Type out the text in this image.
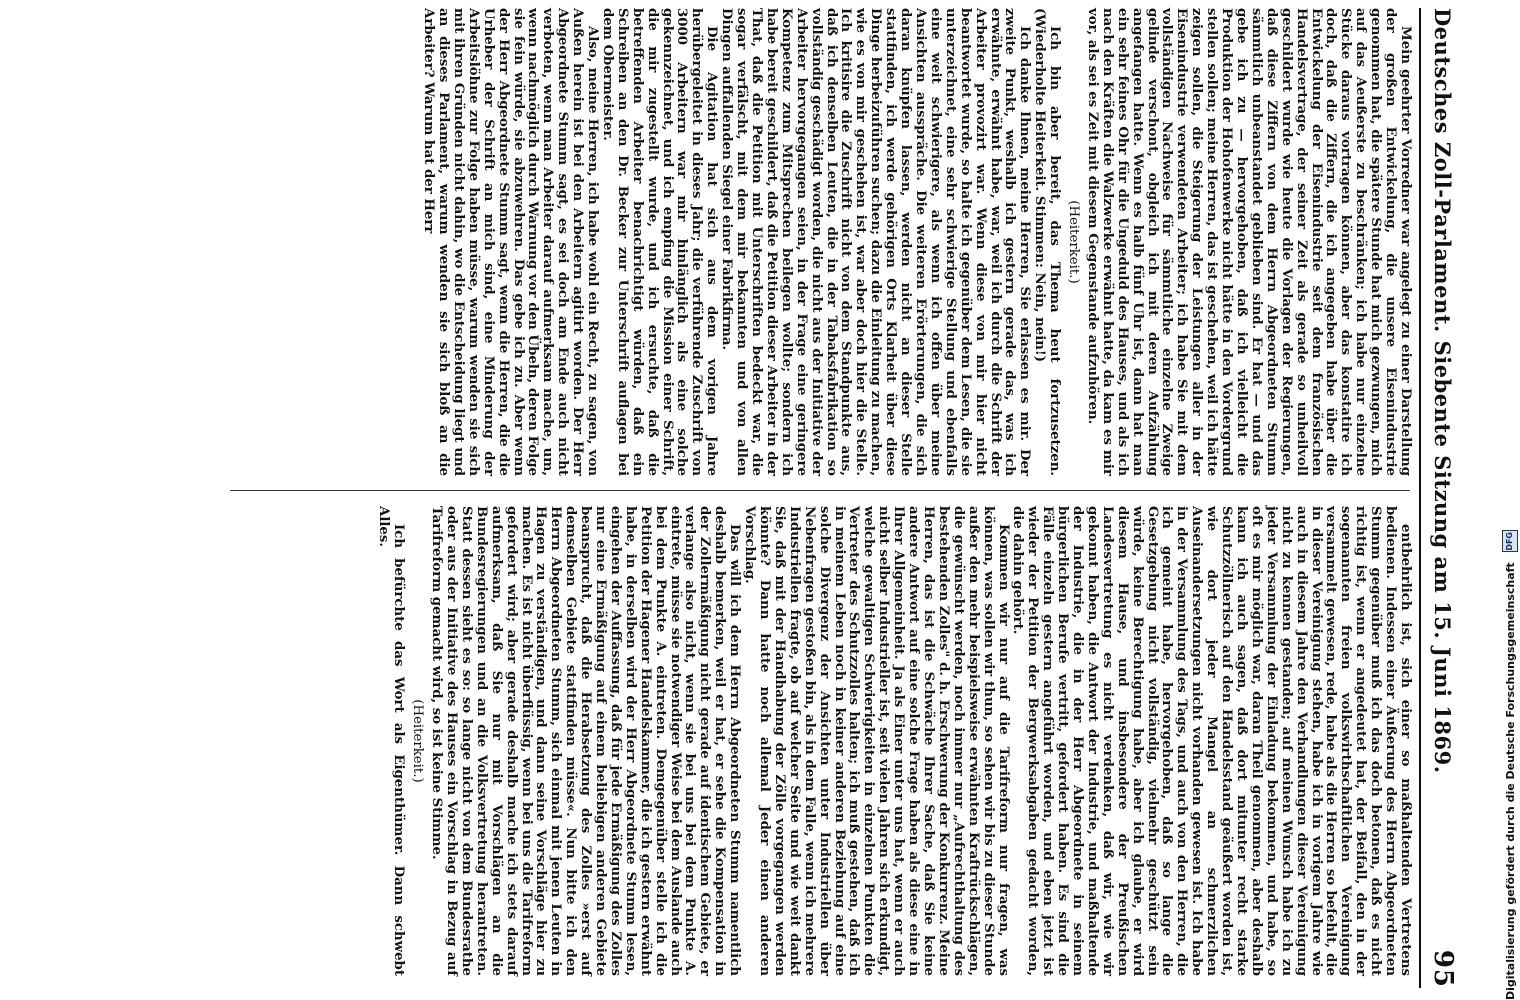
Deutsches Zoll-Parlament. Siebente Sitzung am 15. Juni 1869.
95

Mein geehrter Vorredner war angelegt zu einer Darstellung der großen Entwickelung, die unsere Eisenindustrie genommen hat, die spätere Stunde hat mich gezwungen, mich auf das Aeußerste zu beschränken; ich habe nur einzelne Stücke daraus vortragen können, aber das konstatire ich doch, daß die Ziffern, die ich angegeben habe über die Entwickelung der Eisenindustrie seit dem französischen Handelsvertrage, der seiner Zeit als gerade so unheilvoll geschildert wurde wie heute die Vorlagen der Regierungen, daß diese Ziffern von dem Herrn Abgeordneten Stumm sämmtlich unbeanstandet geblieben sind. Er hat — und das gebe ich zu — hervorgehoben, daß ich vielleicht die Produktion der Hohofenwerke nicht hätte in den Vordergrund stellen sollen; meine Herren, das ist geschehen, weil ich hätte zeigen sollen, die Steigerung der Leistungen aller in der Eisenindustrie verwendeten Arbeiter; ich habe Sie mit dem vollständigen Nachweise für sämmtliche einzelne Zweige gelinde verschont, obgleich ich mit deren Aufzählung angefangen hatte. Wenn es halb fünf Uhr ist, dann hat man ein sehr feines Ohr für die Ungeduld des Hauses, und als ich nach den Kräften die Walzwerke erwähnt hatte, da kam es mir vor, als sei es Zeit mit diesem Gegenstande aufzuhören.

(Heiterkeit.)

Ich bin aber bereit, das Thema heut fortzusetzen. (Wiederholte Heiterkeit. Stimmen: Nein, nein!)

Ich danke Ihnen, meine Herren, Sie erlassen es mir. Der zweite Punkt, weshalb ich gestern gerade das, was ich erwähnte, erwähnt habe, war, weil ich durch die Schrift der Arbeiter provozirt war. Wenn diese von mir hier nicht beantwortet wurde, so halte ich gegenüber dem Lesen, die sie unterzeichnet, eine sehr schwierige Stellung und ebenfalls eine weit schwierigere, als wenn ich offen über meine Ansichten ausspräche. Die weiteren Erörterungen, die sich daran knüpfen lassen, werden nicht an dieser Stelle stattfinden, ich werde gehörigen Orts Klarheit über diese Dinge herbeizuführen suchen; dazu die Einleitung zu machen, wie es von mir geschehen ist, war aber doch hier die Stelle. Ich kritisire die Zuschrift nicht von dem Standpunkte aus, daß ich denselben Leuten, die in der Tabaksfabrikation so vollständig geschädigt worden, die nicht aus der Initiative der Arbeiter hervorgegangen seien, in der Frage eine geringere Kompetenz zum Mitsprechen beilegen wollte; sondern ich habe bereit geschildert, daß die Petition dieser Arbeiter in der That, daß die Petition mit Unterschriften bedeckt war, die sogar verfälscht, mit dem mir bekannten und von allen Dingen auffallenden Siegel einer Fabrikfirma.

Die Agitation hat sich aus dem vorigen Jahre herübergeleitet in dieses Jahr; die verführende Zuschrift von 3000 Arbeitern war mir hinlänglich als eine solche gekennzeichnet, und ich empfing die Mission einer Schrift, die mir zugestellt wurde, und ich ersuchte, daß die betreffenden Arbeiter benachrichtigt würden, daß ein Schreiben an den Dr. Becker zur Unterschrift auflagen bei dem Obermeister.

Also, meine Herren, ich habe wohl ein Recht, zu sagen, von Außen herein ist bei den Arbeitern agitirt worden. Der Herr Abgeordnete Stumm sagt, es sei doch am Ende auch nicht verboten, wenn man Arbeiter darauf aufmerksam mache, um, wenn nachmöglich durch Warnung vor den Übeln, deren Folge sie fein würde, sie abzuwehren. Das gebe ich zu. Aber wenn der Herr Abgeordnete Stumm sagt, wenn die Herren, die die Urheber der Schrift an mich sind, eine Minderung der Arbeitslöhne zur Folge haben müsse, warum wenden sie sich mit ihren Gründen nicht dahin, wo die Entscheidung liegt und an dieses Parlament, warum wenden sie sich bloß an die Arbeiter? Warum hat der Herr

entbehrlich ist, sich einer so maßhaltenden Vertretens bedienen. Indessen einer Äußerung des Herrn Abgeordneten Stumm gegenüber muß ich das doch betonen, daß es nicht richtig ist, wenn er angedeutet hat, der Beifall, den in der sogenannten freien volkswirthschaftlichen Vereinigung versammelt gewesen, rede, habe als die Herren so befehlt, die in dieser Vereinigung stehen, habe ich in vorigem Jahre wie auch in diesem Jahre den Verhandlungen dieser Vereinigung nicht zu kennen gestanden; auf meinen Wunsch habe ich zu jeder Versammlung der Einladung bekommen, und habe, so oft es mir möglich war, daran Theil genommen, aber deshalb kann ich auch sagen, daß dort mitunter recht starke Schutzzöllnerisch auf den Handelsstand geäußert worden ist, wie dort jeder Mangel an schmerzlichen Auseinandersetzungen nicht vorhanden gewesen ist. Ich habe in der Versammlung des Tags, und auch von den Herren, die ich gemeint habe, hervorgehoben, daß so lange die Gesetzgebung nicht vollständig, vielmehr geschützt sein würde, keine Berechtigung habe, aber ich glaube, er wird diesem Hause, und insbesondere der Preußischen Landesvertretung es nicht verdenken, daß wir, wie wir gekonnt haben, die Antwort der Industrie, und maßhaltende der Industrie, die in der Herr Abgeordnete in seinem bürgerlichen Berufe vertritt, gefordert haben. Es sind die Fälle einzeln gestern angeführt worden, und eben jetzt ist wieder der Petition der Bergwerksabgaben gedacht worden, die dahin gehört.

Kommen wir nur auf die Tarifreform nur fragen, was können, was sollen wir thun, so sehen wir bis zu dieser Stunde außer den mehr beispielsweise erwähnten Kraftrückschlägen, die gewünscht werden, noch immer nur „Aufrechthaltung des bestehenden Zolles" d. h. Erschwerung der Konkurrenz. Meine Herren, das ist die Schwäche Ihrer Sache, daß Sie keine andere Antwort auf eine solche Frage haben als diese eine in Ihrer Allgemeinheit. Ja als Einer unter uns hat, wenn er auch nicht selber Industrieller ist, seit vielen Jahren sich erkundigt, welche gewaltigen Schwierigkeiten in einzelnen Punkten die Vertreter des Schutzzolles halten; ich muß gestehen, daß ich in meinem Leben noch in keiner anderen Beziehung auf eine solche Divergenz der Ansichten unter Industriellen über Nebenfragen gestoßen bin, als in dem Falle, wenn ich mehrere Industriellen fragte, ob auf welcher Seite und wie weit dankt Sie, daß mit der Handhabung der Zölle vorgegangen werden könnte? Dann hatte noch allemal Jeder einen anderen Vorschlag.

Das will ich dem Herrn Abgeordneten Stumm namentlich deshalb bemerken, weil er hat, er sehe die Kompensation in der Zollermäßigung nicht gerade auf identischem Gebiete, er verlange also nicht, wenn sie bei uns bei dem Punkte A. eintrete, müsse sie notwendiger Weise bei dem Auslande auch bei dem Punkte A. eintreten. Demgegenüber stelle ich die Petition der Hagener Handelskammer, die ich gestern erwähnt habe, in derselben wird der Herr Abgeordnete Stumm lesen, eingehen der Auffassung, daß für jede Ermäßigung des Zolles nur eine Ermäßigung auf einem beliebigen anderen Gebiete beansprucht, daß die Herabsetzung des Zolles »erst auf demselben Gebiete stattfinden müsse«. Nun bitte ich den Herrn Abgeordneten Stumm, sich einmal mit jenen Leuten in Hagen zu verständigen, und dann seine Vorschläge hier zu machen. Es ist nicht überflüssig, wenn bei uns die Tarifreform gefordert wird; aber gerade deshalb mache ich stets darauf aufmerksam, daß Sie nur mit Vorschlägen an die Bundesregierungen und an die Volksvertretung herantreten. Statt dessen sieht es so: so lange nicht von dem Bundesrathe oder aus der Initiative des Hauses ein Vorschlag in Bezug auf Tarifreform gemacht wird, so ist keine Stimme.

(Heiterkeit.)

Ich befürchte das Wort als Eigenthümer. Dann schwebt Alles.

Digitalisierung gefördert durch die Deutsche Forschungsgemeinschaft
DFG
